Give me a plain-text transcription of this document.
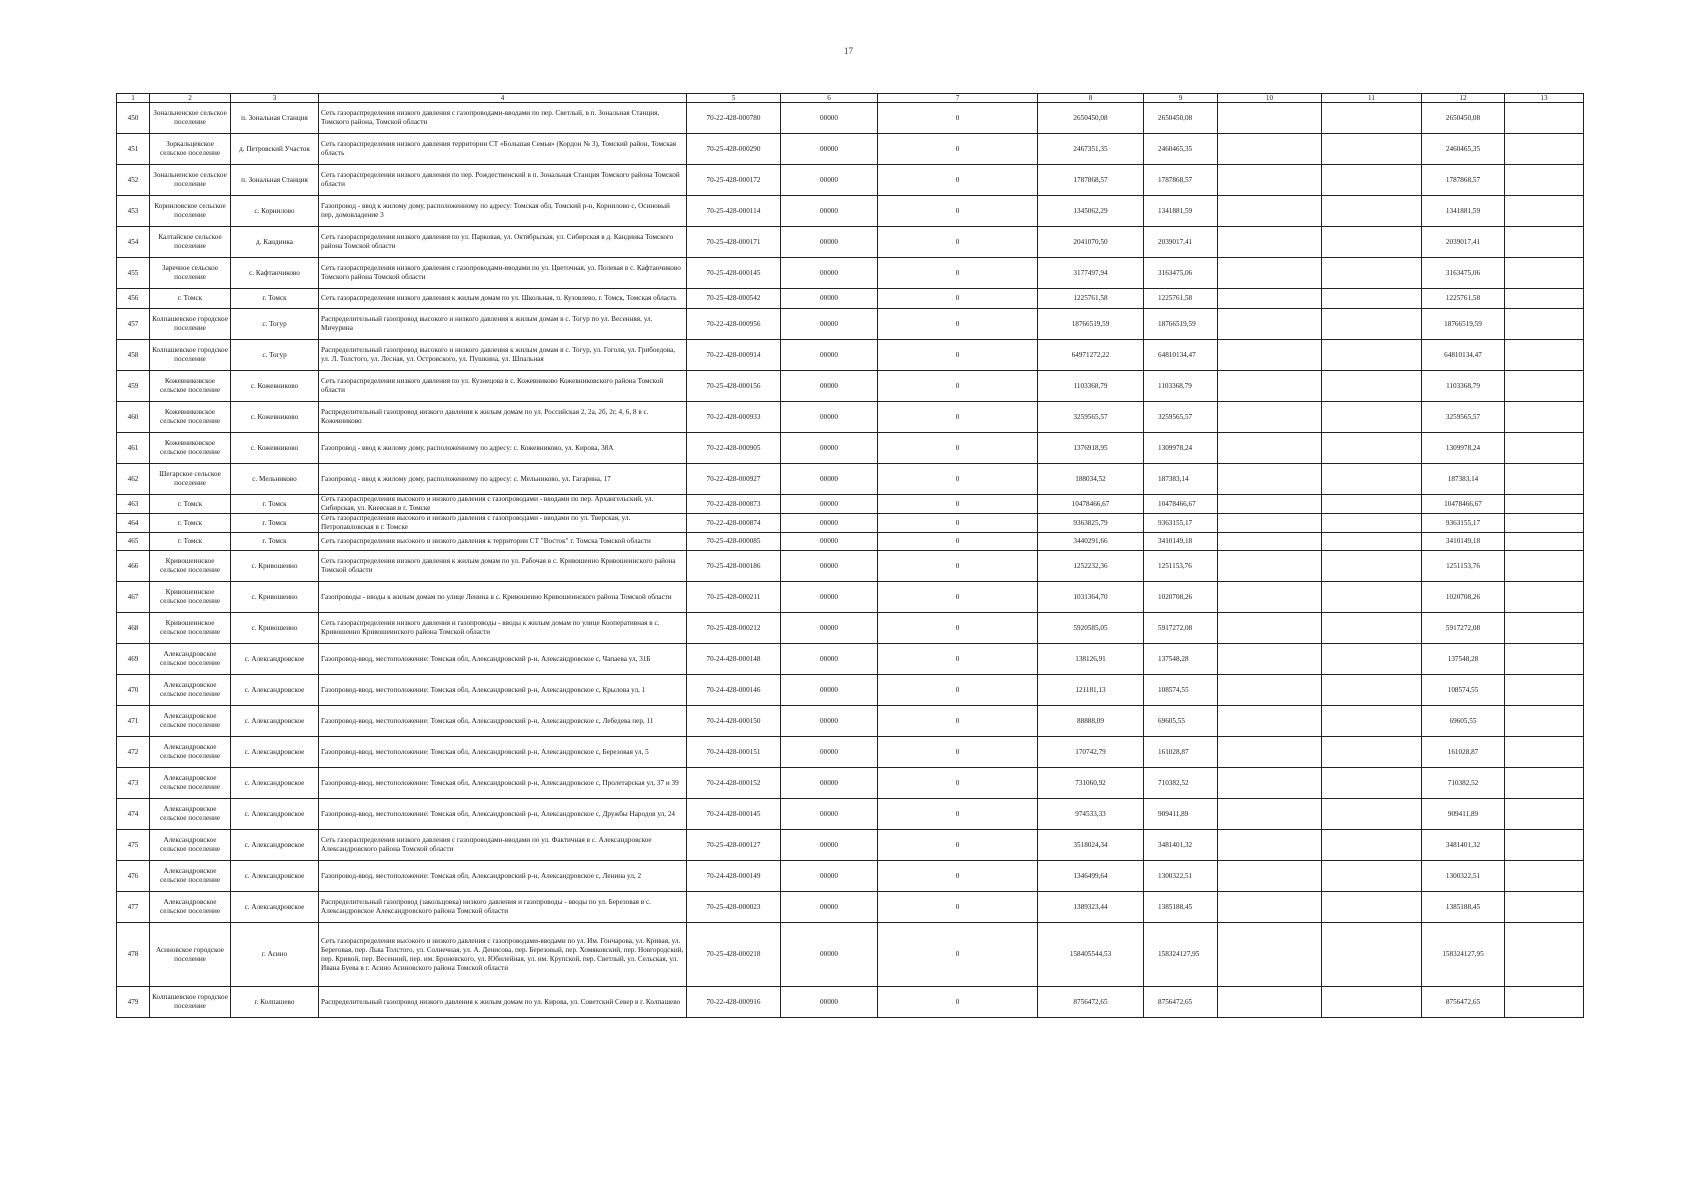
17
1	2	3	4	5	6	7	8	9	10	11	12	13
450	Зональненское сельское поселение	п. Зональная Станция	Сеть газораспределения низкого давления с газопроводами-вводами по пер. Светлый, в п. Зональная Станция, Томского района, Томской области	70-22-428-000780	00000	0	2650450,08	2650450,08			2650450,08	
451	Зоркальцевское сельское поселение	д. Петровский Участок	Сеть газораспределения низкого давления территории СТ «Большая Семья» (Кордон № 3), Томский район, Томская область	70-25-428-000290	00000	0	2467351,35	2460465,35			2460465,35	
452	Зональненское сельское поселение	п. Зональная Станция	Сеть газораспределения низкого давления по пер. Рождественский в п. Зональная Станция Томского района Томской области	70-25-428-000172	00000	0	1787868,57	1787868,57			1787868,57	
453	Корниловское сельское поселение	с. Корнилово	Газопровод - ввод к жилому дому, расположенному по адресу: Томская обл, Томский р-н, Корнилово с, Осиновый пер, домовладение 3	70-25-428-000114	00000	0	1345062,29	1341881,59			1341881,59	
454	Калтайское сельское поселение	д. Кандинка	Сеть газораспределения низкого давления по ул. Парковая, ул. Октябрьская, ул. Сибирская в д. Кандинка Томского района Томской области	70-25-428-000171	00000	0	2041070,50	2039017,41			2039017,41	
455	Заречное сельское поселение	с. Кафтанчиково	Сеть газораспределения низкого давления с газопроводами-вводами по ул. Цветочная, ул. Полевая в с. Кафтанчиково Томского района Томской области	70-25-428-000145	00000	0	3177497,94	3163475,06			3163475,06	
456	г. Томск	г. Томск	Сеть газораспределения низкого давления к жилым домам по ул. Школьная, п. Кузовлево, г. Томск, Томская область	70-25-428-000542	00000	0	1225761,58	1225761,58			1225761,58	
457	Колпашевское городское поселение	с. Тогур	Распределительный газопровод высокого и низкого давления к жилым домам в с. Тогур по ул. Весенняя, ул. Мичурина	70-22-428-000956	00000	0	18766519,59	18766519,59			18766519,59	
458	Колпашевское городское поселение	с. Тогур	Распределительный газопровод высокого и низкого давления к жилым домам в с. Тогур, ул. Гоголя, ул. Грибоедова, ул. Л. Толстого, ул. Лесная, ул. Островского, ул. Пушкина, ул. Шпальная	70-22-428-000914	00000	0	64971272,22	64810134,47			64810134,47	
459	Кожевниковское сельское поселение	с. Кожевниково	Сеть газораспределения низкого давления по ул. Кузнецова в с. Кожевниково Кожевниковского района Томской области	70-25-428-000156	00000	0	1103368,79	1103368,79			1103368,79	
460	Кожевниковское сельское поселение	с. Кожевниково	Распределительный газопровод низкого давления к жилым домам по ул. Российская 2, 2а, 2б, 2г, 4, 6, 8 в с. Кожевниково	70-22-428-000933	00000	0	3259565,57	3259565,57			3259565,57	
461	Кожевниковское сельское поселение	с. Кожевниково	Газопровод - ввод к жилому дому, расположенному по адресу: с. Кожевниково, ул. Кирова, 38А	70-22-428-000905	00000	0	1376918,95	1309978,24			1309978,24	
462	Шегарское сельское поселение	с. Мельниково	Газопровод - ввод к жилому дому, расположенному по адресу: с. Мельниково, ул. Гагарина, 17	70-22-428-000927	00000	0	188034,52	187383,14			187383,14	
463	г. Томск	г. Томск	Сеть газораспределения высокого и низкого давления с газопроводами - вводами по пер. Архангельский, ул. Сибирская, ул. Киевская в г. Томске	70-22-428-000873	00000	0	10478466,67	10478466,67			10478466,67	
464	г. Томск	г. Томск	Сеть газораспределения высокого и низкого давления с газопроводами - вводами по ул. Тверская, ул. Петропавловская в г. Томске	70-22-428-000874	00000	0	9363825,79	9363155,17			9363155,17	
465	г. Томск	г. Томск	Сеть газораспределения высокого и низкого давления к территории СТ "Восток" г. Томска Томской области	70-25-428-000085	00000	0	3440291,66	3410149,18			3410149,18	
466	Кривошеинское сельское поселение	с. Кривошеино	Сеть газораспределения низкого давления к жилым домам по ул. Рабочая в с. Кривошеино Кривошеинского района Томской области	70-25-428-000186	00000	0	1252232,36	1251153,76			1251153,76	
467	Кривошеинское сельское поселение	с. Кривошеино	Газопроводы - вводы к жилым домам по улице Ленина в с. Кривошеино Кривошеинского района Томской области	70-25-428-000211	00000	0	1031364,70	1020708,26			1020708,26	
468	Кривошеинское сельское поселение	с. Кривошеино	Сеть газораспределения низкого давления и газопроводы - вводы к жилым домам по улице Кооперативная в с. Кривошеино Кривошеинского района Томской области	70-25-428-000212	00000	0	5920585,05	5917272,08			5917272,08	
469	Александровское сельское поселение	с. Александровское	Газопровод-ввод, местоположение: Томская обл, Александровский р-н, Александровское с, Чапаева ул, 31Б	70-24-428-000148	00000	0	138126,91	137548,28			137548,28	
470	Александровское сельское поселение	с. Александровское	Газопровод-ввод, местоположение: Томская обл, Александровский р-н, Александровское с, Крылова ул, 1	70-24-428-000146	00000	0	121181,13	108574,55			108574,55	
471	Александровское сельское поселение	с. Александровское	Газопровод-ввод, местоположение: Томская обл, Александровский р-н, Александровское с, Лебедева пер, 11	70-24-428-000150	00000	0	88888,09	69605,55			69605,55	
472	Александровское сельское поселение	с. Александровское	Газопровод-ввод, местоположение: Томская обл, Александровский р-н, Александровское с, Березовая ул, 5	70-24-428-000151	00000	0	170742,79	161028,87			161028,87	
473	Александровское сельское поселение	с. Александровское	Газопровод-ввод, местоположение: Томская обл, Александровский р-н, Александровское с, Пролетарская ул, 37 и 39	70-24-428-000152	00000	0	731060,92	710382,52			710382,52	
474	Александровское сельское поселение	с. Александровское	Газопровод-ввод, местоположение: Томская обл, Александровский р-н, Александровское с, Дружбы Народов ул, 24	70-24-428-000145	00000	0	974533,33	909411,89			909411,89	
475	Александровское сельское поселение	с. Александровское	Сеть газораспределения низкого давления с газопроводами-вводами по ул. Фактичная в с. Александровское Александровского района Томской области	70-25-428-000127	00000	0	3518024,34	3481401,32			3481401,32	
476	Александровское сельское поселение	с. Александровское	Газопровод-ввод, местоположение: Томская обл, Александровский р-н, Александровское с, Ленина ул, 2	70-24-428-000149	00000	0	1346499,64	1300322,51			1300322,51	
477	Александровское сельское поселение	с. Александровское	Распределительный газопровод (закольцовка) низкого давления и газопроводы - вводы по ул. Березовая в с. Александровское Александровского района Томской области	70-25-428-000023	00000	0	1389323,44	1385188,45			1385188,45	
478	Асиновское городское поселение	г. Асино	Сеть газораспределения высокого и низкого давления с газопроводами-вводами по ул. Им. Гончарова, ул. Кривая, ул. Береговая, пер. Льва Толстого, ул. Солнечная, ул. А. Денисова, пер. Березовый, пер. Хомяковский, пер. Новгородский, пер. Кривой, пер. Весенний, пер. им. Броневского, ул. Юбилейная, ул. им. Крупской, пер. Светлый, ул. Сельская, ул. Ивана Буева в г. Асино Асиновского района Томской области	70-25-428-000218	00000	0	158405544,53	158324127,95			158324127,95	
479	Колпашевское городское поселение	г. Колпашево	Распределительный газопровод низкого давления к жилым домам по ул. Кирова, ул. Советский Север в г. Колпашево	70-22-428-000916	00000	0	8756472,65	8756472,65			8756472,65	
